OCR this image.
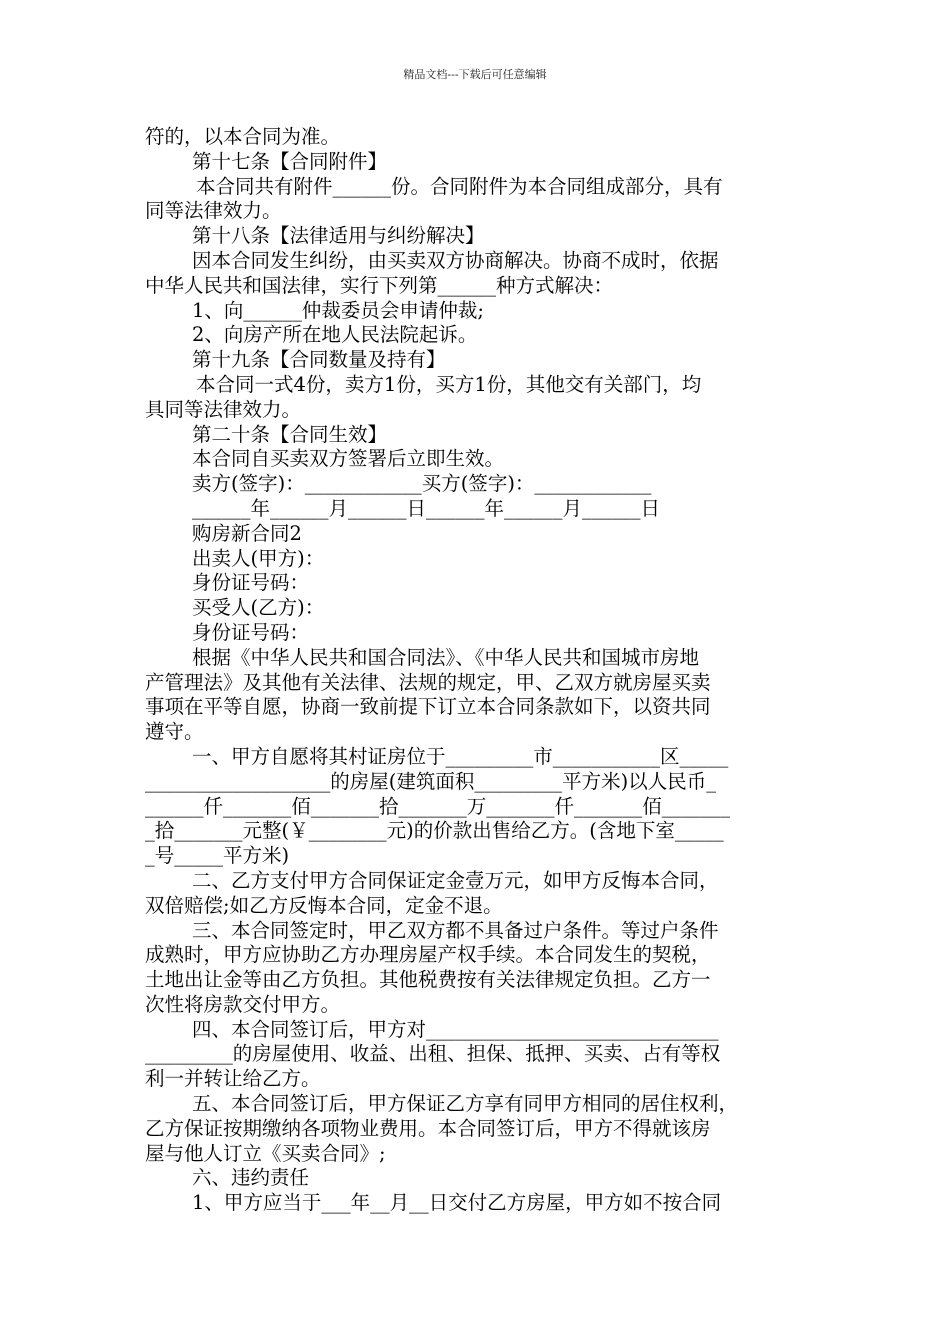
精品文档---下载后可任意编辑
符的，以本合同为准。
第十七条【合同附件】
本合同共有附件______份。合同附件为本合同组成部分，具有
同等法律效力。
第十八条【法律适用与纠纷解决】
因本合同发生纠纷，由买卖双方协商解决。协商不成时，依据
中华人民共和国法律，实行下列第______种方式解决：
1、向______仲裁委员会申请仲裁;
2、向房产所在地人民法院起诉。
第十九条【合同数量及持有】
本合同一式4份，卖方1份，买方1份，其他交有关部门，均
具同等法律效力。
第二十条【合同生效】
本合同自买卖双方签署后立即生效。
卖方(签字)：____________买方(签字)：____________
______年______月______日______年______月______日
购房新合同2
出卖人(甲方)：
身份证号码：
买受人(乙方)：
身份证号码：
根据《中华人民共和国合同法》、《中华人民共和国城市房地
产管理法》及其他有关法律、法规的规定，甲、乙双方就房屋买卖
事项在平等自愿，协商一致前提下订立本合同条款如下，以资共同
遵守。
一、甲方自愿将其村证房位于_________市___________区_____
___________________的房屋(建筑面积_________平方米)以人民币_
______仟_______佰_______拾_______万_______仟_______佰_______
_拾_______元整(￥________元)的价款出售给乙方。(含地下室_____
_号_____平方米)
二、乙方支付甲方合同保证定金壹万元，如甲方反悔本合同，
双倍赔偿;如乙方反悔本合同，定金不退。
三、本合同签定时，甲乙双方都不具备过户条件。等过户条件
成熟时，甲方应协助乙方办理房屋产权手续。本合同发生的契税，
土地出让金等由乙方负担。其他税费按有关法律规定负担。乙方一
次性将房款交付甲方。
四、本合同签订后，甲方对______________________________
_________的房屋使用、收益、出租、担保、抵押、买卖、占有等权
利一并转让给乙方。
五、本合同签订后，甲方保证乙方享有同甲方相同的居住权利，
乙方保证按期缴纳各项物业费用。本合同签订后，甲方不得就该房
屋与他人订立《买卖合同》;
六、违约责任
1、甲方应当于___年__月__日交付乙方房屋，甲方如不按合同
